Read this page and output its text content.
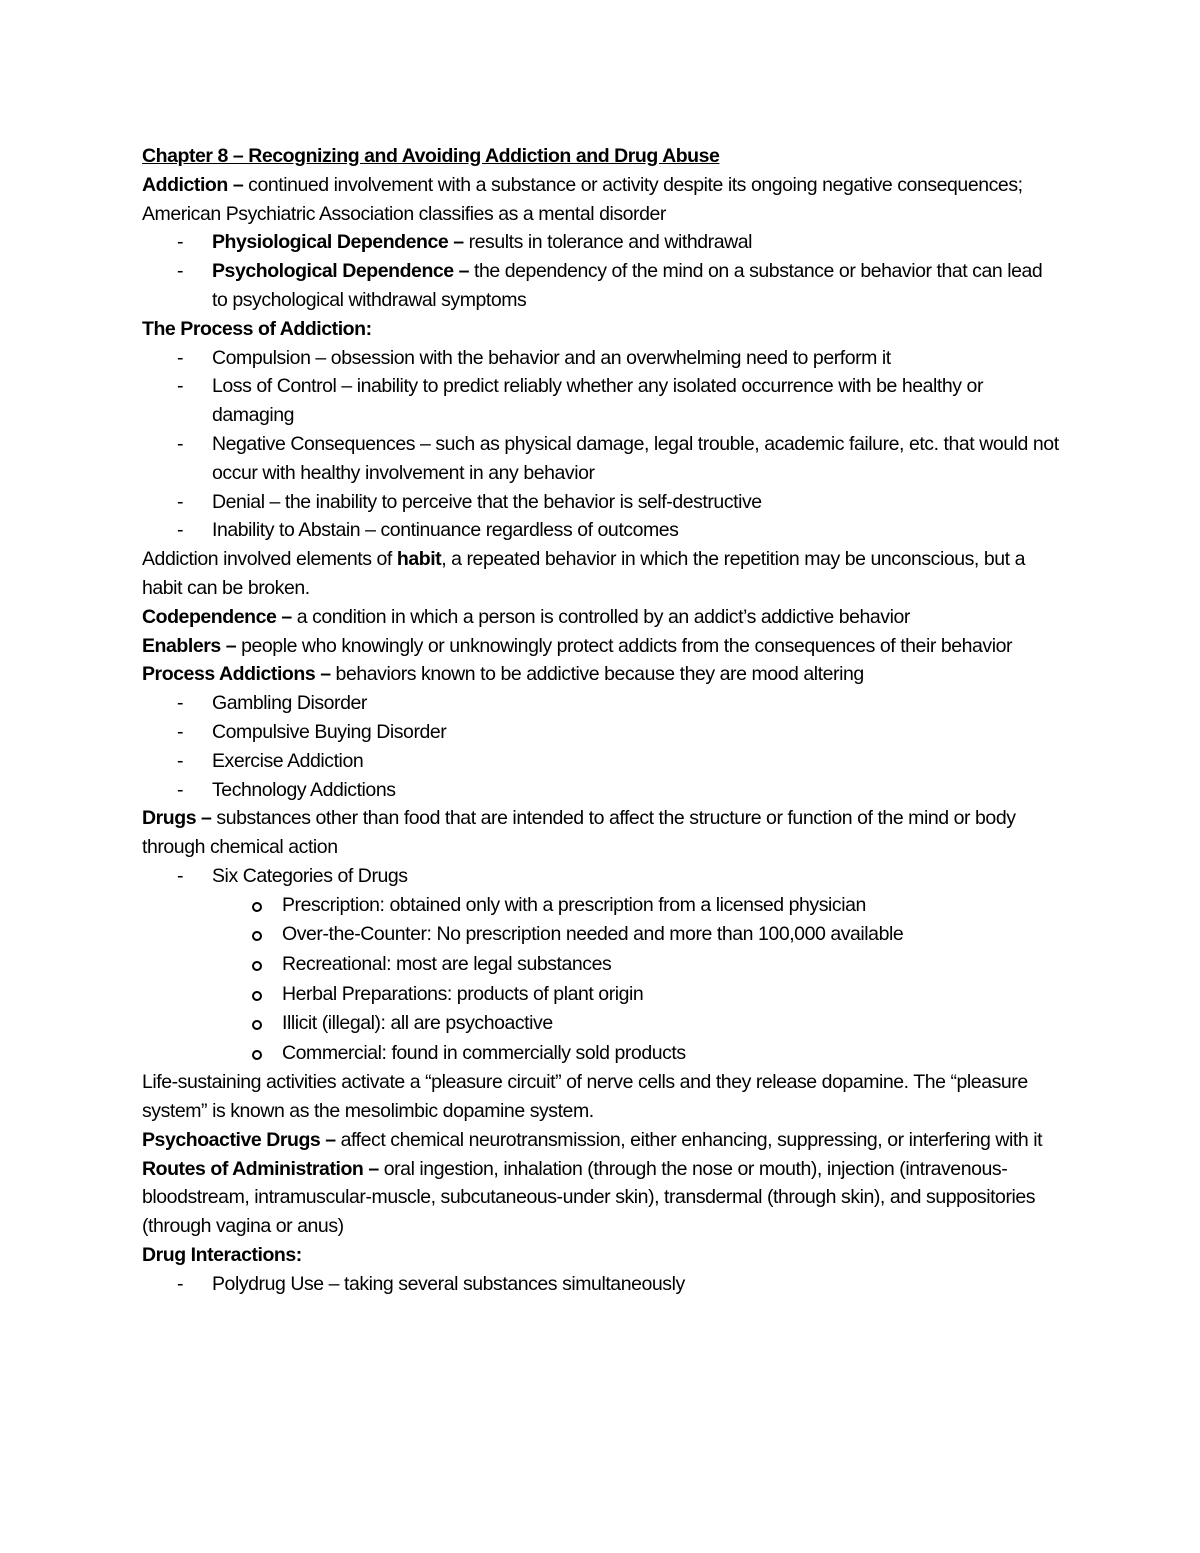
Chapter 8 – Recognizing and Avoiding Addiction and Drug Abuse

Addiction – continued involvement with a substance or activity despite its ongoing negative consequences; American Psychiatric Association classifies as a mental disorder

- Physiological Dependence – results in tolerance and withdrawal
- Psychological Dependence – the dependency of the mind on a substance or behavior that can lead to psychological withdrawal symptoms

The Process of Addiction:

- Compulsion – obsession with the behavior and an overwhelming need to perform it
- Loss of Control – inability to predict reliably whether any isolated occurrence with be healthy or damaging
- Negative Consequences – such as physical damage, legal trouble, academic failure, etc. that would not occur with healthy involvement in any behavior
- Denial – the inability to perceive that the behavior is self-destructive
- Inability to Abstain – continuance regardless of outcomes

Addiction involved elements of habit, a repeated behavior in which the repetition may be unconscious, but a habit can be broken.

Codependence – a condition in which a person is controlled by an addict’s addictive behavior

Enablers – people who knowingly or unknowingly protect addicts from the consequences of their behavior

Process Addictions – behaviors known to be addictive because they are mood altering

- Gambling Disorder
- Compulsive Buying Disorder
- Exercise Addiction
- Technology Addictions

Drugs – substances other than food that are intended to affect the structure or function of the mind or body through chemical action

- Six Categories of Drugs
Prescription: obtained only with a prescription from a licensed physician
Over-the-Counter: No prescription needed and more than 100,000 available
Recreational: most are legal substances
Herbal Preparations: products of plant origin
Illicit (illegal): all are psychoactive
Commercial: found in commercially sold products

Life-sustaining activities activate a “pleasure circuit” of nerve cells and they release dopamine. The “pleasure system” is known as the mesolimbic dopamine system.

Psychoactive Drugs – affect chemical neurotransmission, either enhancing, suppressing, or interfering with it

Routes of Administration – oral ingestion, inhalation (through the nose or mouth), injection (intravenous-bloodstream, intramuscular-muscle, subcutaneous-under skin), transdermal (through skin), and suppositories (through vagina or anus)

Drug Interactions:

- Polydrug Use – taking several substances simultaneously
